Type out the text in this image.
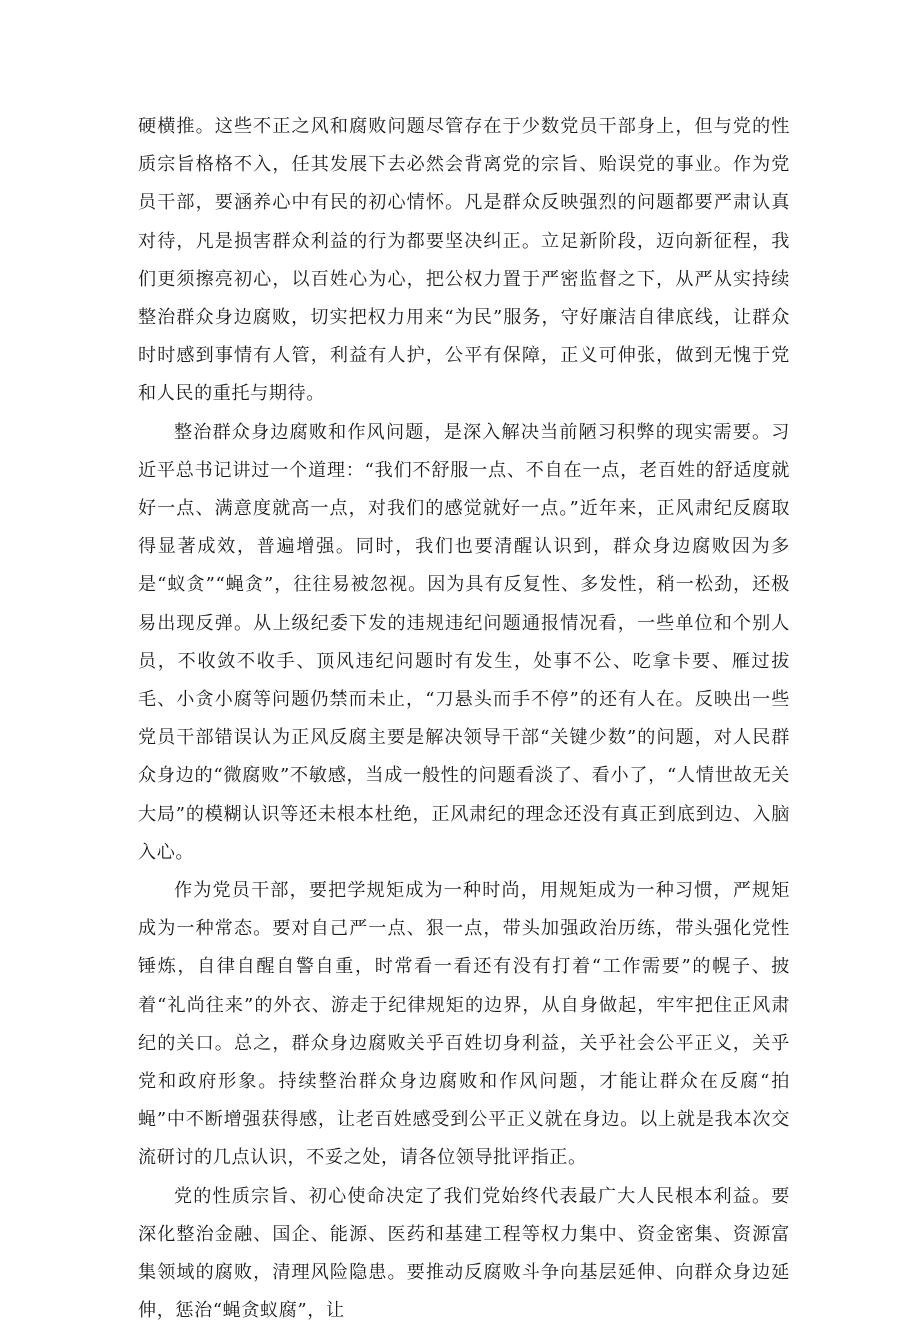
硬横推。这些不正之风和腐败问题尽管存在于少数党员干部身上，但与党的性质宗旨格格不入，任其发展下去必然会背离党的宗旨、贻误党的事业。作为党员干部，要涵养心中有民的初心情怀。凡是群众反映强烈的问题都要严肃认真对待，凡是损害群众利益的行为都要坚决纠正。立足新阶段，迈向新征程，我们更须擦亮初心，以百姓心为心，把公权力置于严密监督之下，从严从实持续整治群众身边腐败，切实把权力用来“为民”服务，守好廉洁自律底线，让群众时时感到事情有人管，利益有人护，公平有保障，正义可伸张，做到无愧于党和人民的重托与期待。

整治群众身边腐败和作风问题，是深入解决当前陋习积弊的现实需要。习近平总书记讲过一个道理：“我们不舒服一点、不自在一点，老百姓的舒适度就好一点、满意度就高一点，对我们的感觉就好一点。”近年来，正风肃纪反腐取得显著成效，普遍增强。同时，我们也要清醒认识到，群众身边腐败因为多是“蚁贪”“蝇贪”，往往易被忽视。因为具有反复性、多发性，稍一松劲，还极易出现反弹。从上级纪委下发的违规违纪问题通报情况看，一些单位和个别人员，不收敛不收手、顶风违纪问题时有发生，处事不公、吃拿卡要、雁过拔毛、小贪小腐等问题仍禁而未止，“刀悬头而手不停”的还有人在。反映出一些党员干部错误认为正风反腐主要是解决领导干部“关键少数”的问题，对人民群众身边的“微腐败”不敏感，当成一般性的问题看淡了、看小了，“人情世故无关大局”的模糊认识等还未根本杜绝，正风肃纪的理念还没有真正到底到边、入脑入心。

作为党员干部，要把学规矩成为一种时尚，用规矩成为一种习惯，严规矩成为一种常态。要对自己严一点、狠一点，带头加强政治历练，带头强化党性锤炼，自律自醒自警自重，时常看一看还有没有打着“工作需要”的幌子、披着“礼尚往来”的外衣、游走于纪律规矩的边界，从自身做起，牢牢把住正风肃纪的关口。总之，群众身边腐败关乎百姓切身利益，关乎社会公平正义，关乎党和政府形象。持续整治群众身边腐败和作风问题，才能让群众在反腐“拍蝇”中不断增强获得感，让老百姓感受到公平正义就在身边。以上就是我本次交流研讨的几点认识，不妥之处，请各位领导批评指正。

党的性质宗旨、初心使命决定了我们党始终代表最广大人民根本利益。要深化整治金融、国企、能源、医药和基建工程等权力集中、资金密集、资源富集领域的腐败，清理风险隐患。要推动反腐败斗争向基层延伸、向群众身边延伸，惩治“蝇贪蚁腐”，让
